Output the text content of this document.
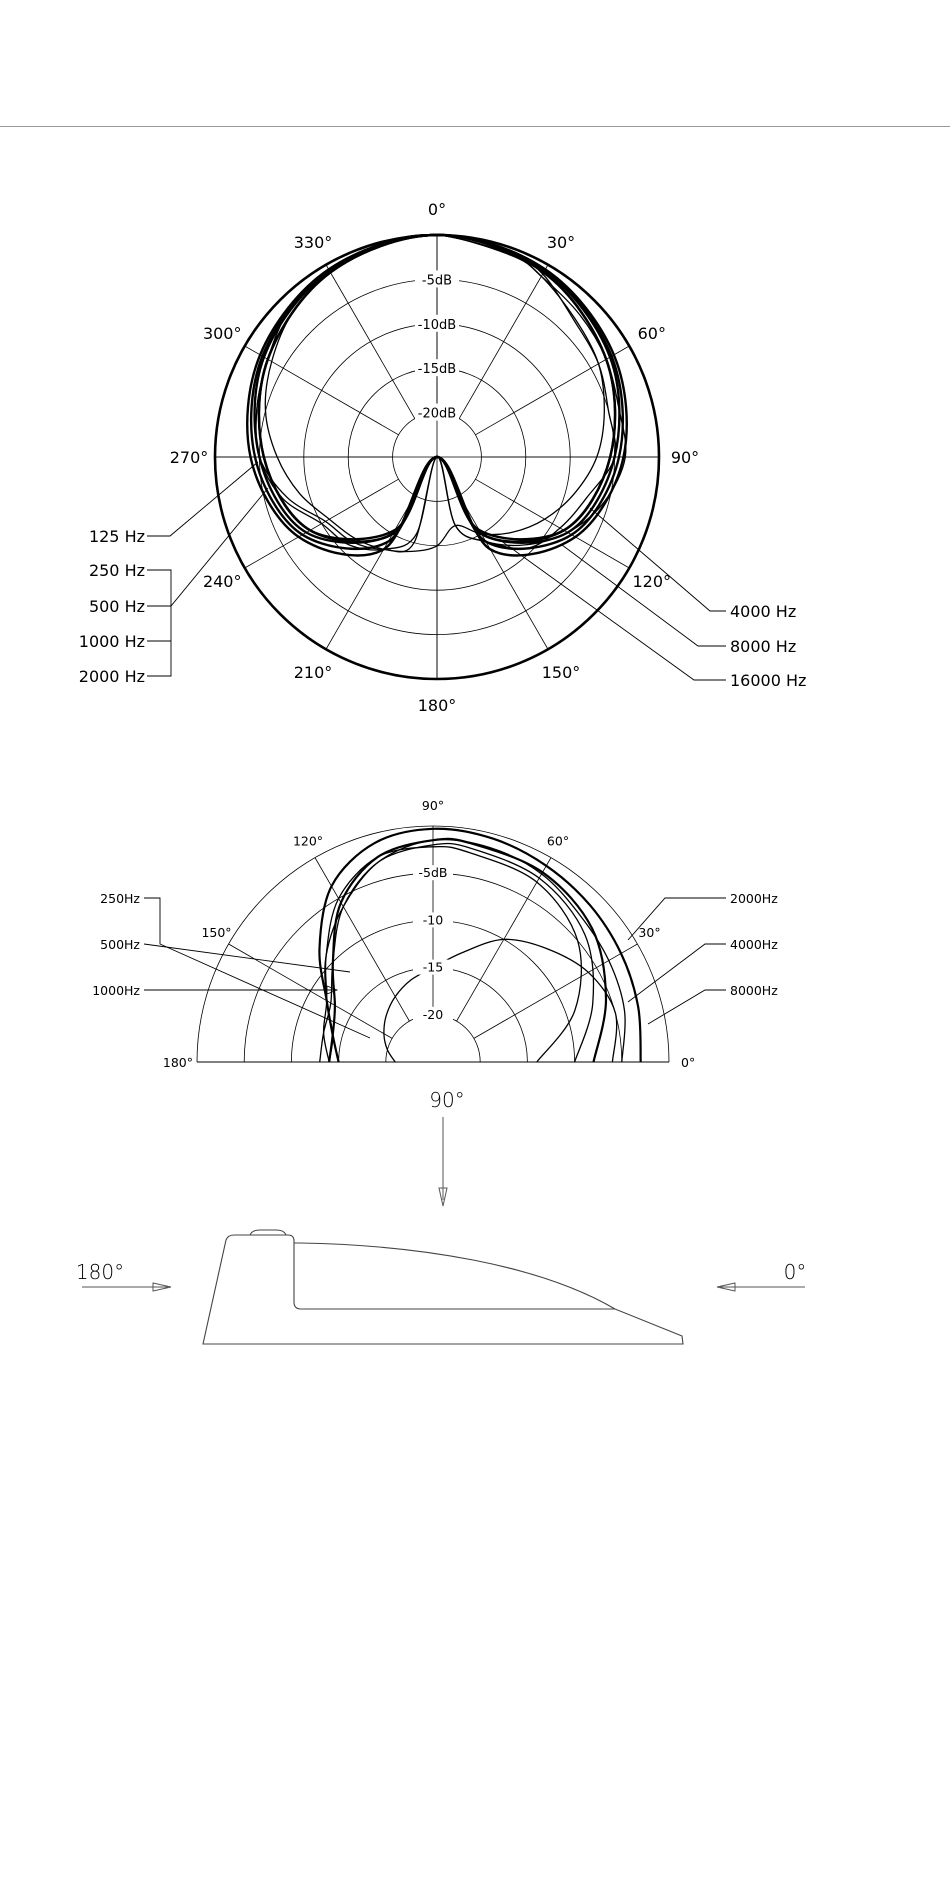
0°
30°
60°
90°
120°
150°
180°
210°
240°
270°
300°
330°
-5dB
-10dB
-15dB
-20dB
125 Hz
250 Hz
500 Hz
1000 Hz
2000 Hz
4000 Hz
8000 Hz
16000 Hz
0°
30°
60°
90°
120°
150°
180°
-5dB
-10
-15
-20
250Hz
500Hz
1000Hz
2000Hz
4000Hz
8000Hz
90°
180°	0°
